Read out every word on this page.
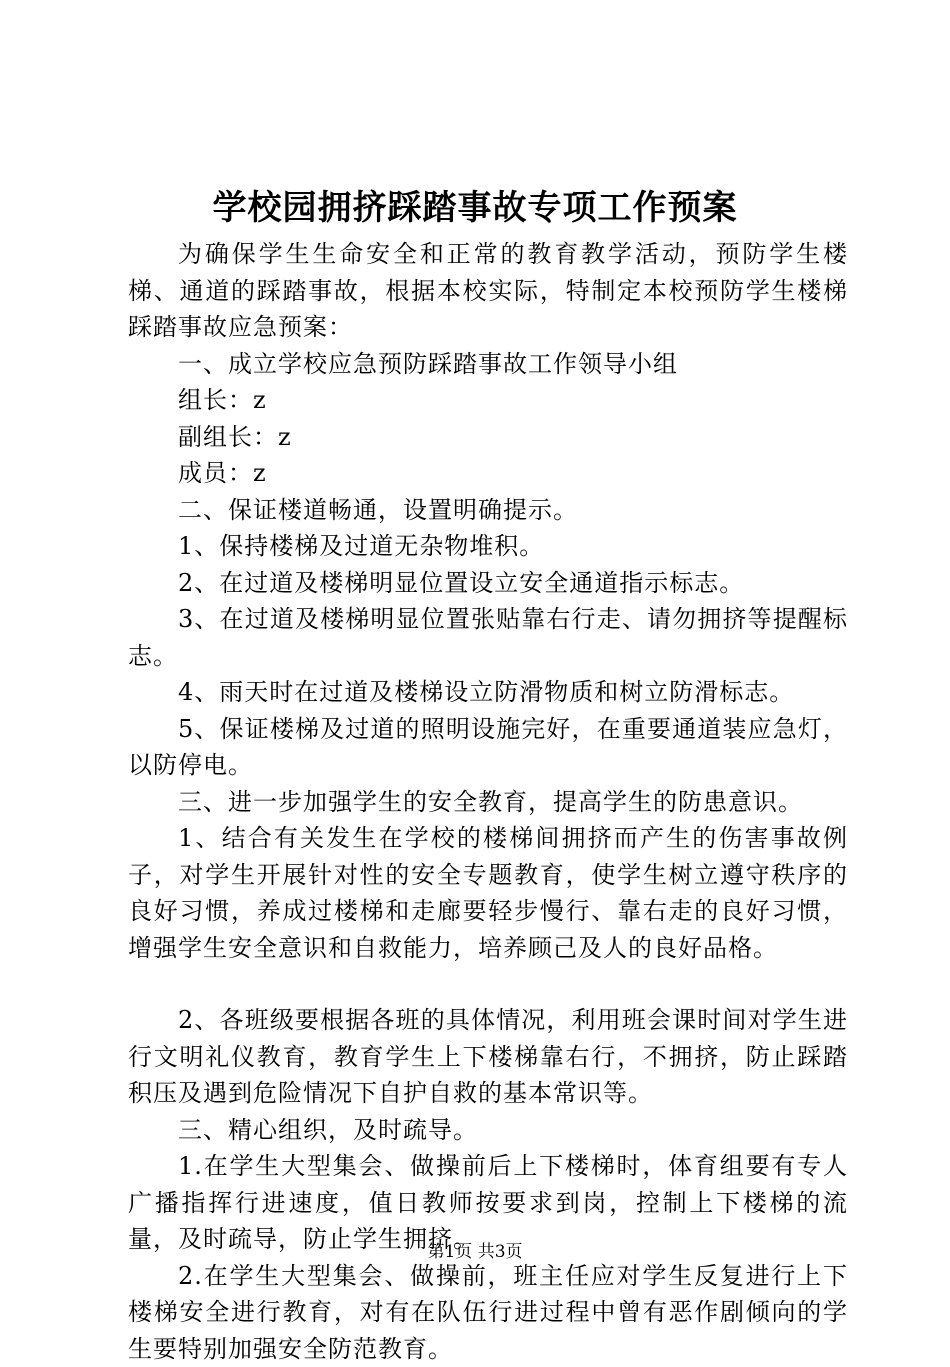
学校园拥挤踩踏事故专项工作预案

为确保学生生命安全和正常的教育教学活动，预防学生楼梯、通道的踩踏事故，根据本校实际，特制定本校预防学生楼梯踩踏事故应急预案：

一、成立学校应急预防踩踏事故工作领导小组

组长：z

副组长：z

成员：z

二、保证楼道畅通，设置明确提示。

1、保持楼梯及过道无杂物堆积。

2、在过道及楼梯明显位置设立安全通道指示标志。

3、在过道及楼梯明显位置张贴靠右行走、请勿拥挤等提醒标志。

4、雨天时在过道及楼梯设立防滑物质和树立防滑标志。

5、保证楼梯及过道的照明设施完好，在重要通道装应急灯，以防停电。

三、进一步加强学生的安全教育，提高学生的防患意识。

1、结合有关发生在学校的楼梯间拥挤而产生的伤害事故例子，对学生开展针对性的安全专题教育，使学生树立遵守秩序的良好习惯，养成过楼梯和走廊要轻步慢行、靠右走的良好习惯，增强学生安全意识和自救能力，培养顾己及人的良好品格。

2、各班级要根据各班的具体情况，利用班会课时间对学生进行文明礼仪教育，教育学生上下楼梯靠右行，不拥挤，防止踩踏积压及遇到危险情况下自护自救的基本常识等。

三、精心组织，及时疏导。

1.在学生大型集会、做操前后上下楼梯时，体育组要有专人广播指挥行进速度，值日教师按要求到岗，控制上下楼梯的流量，及时疏导，防止学生拥挤。

2.在学生大型集会、做操前，班主任应对学生反复进行上下楼梯安全进行教育，对有在队伍行进过程中曾有恶作剧倾向的学生要特别加强安全防范教育。

第1页 共3页
